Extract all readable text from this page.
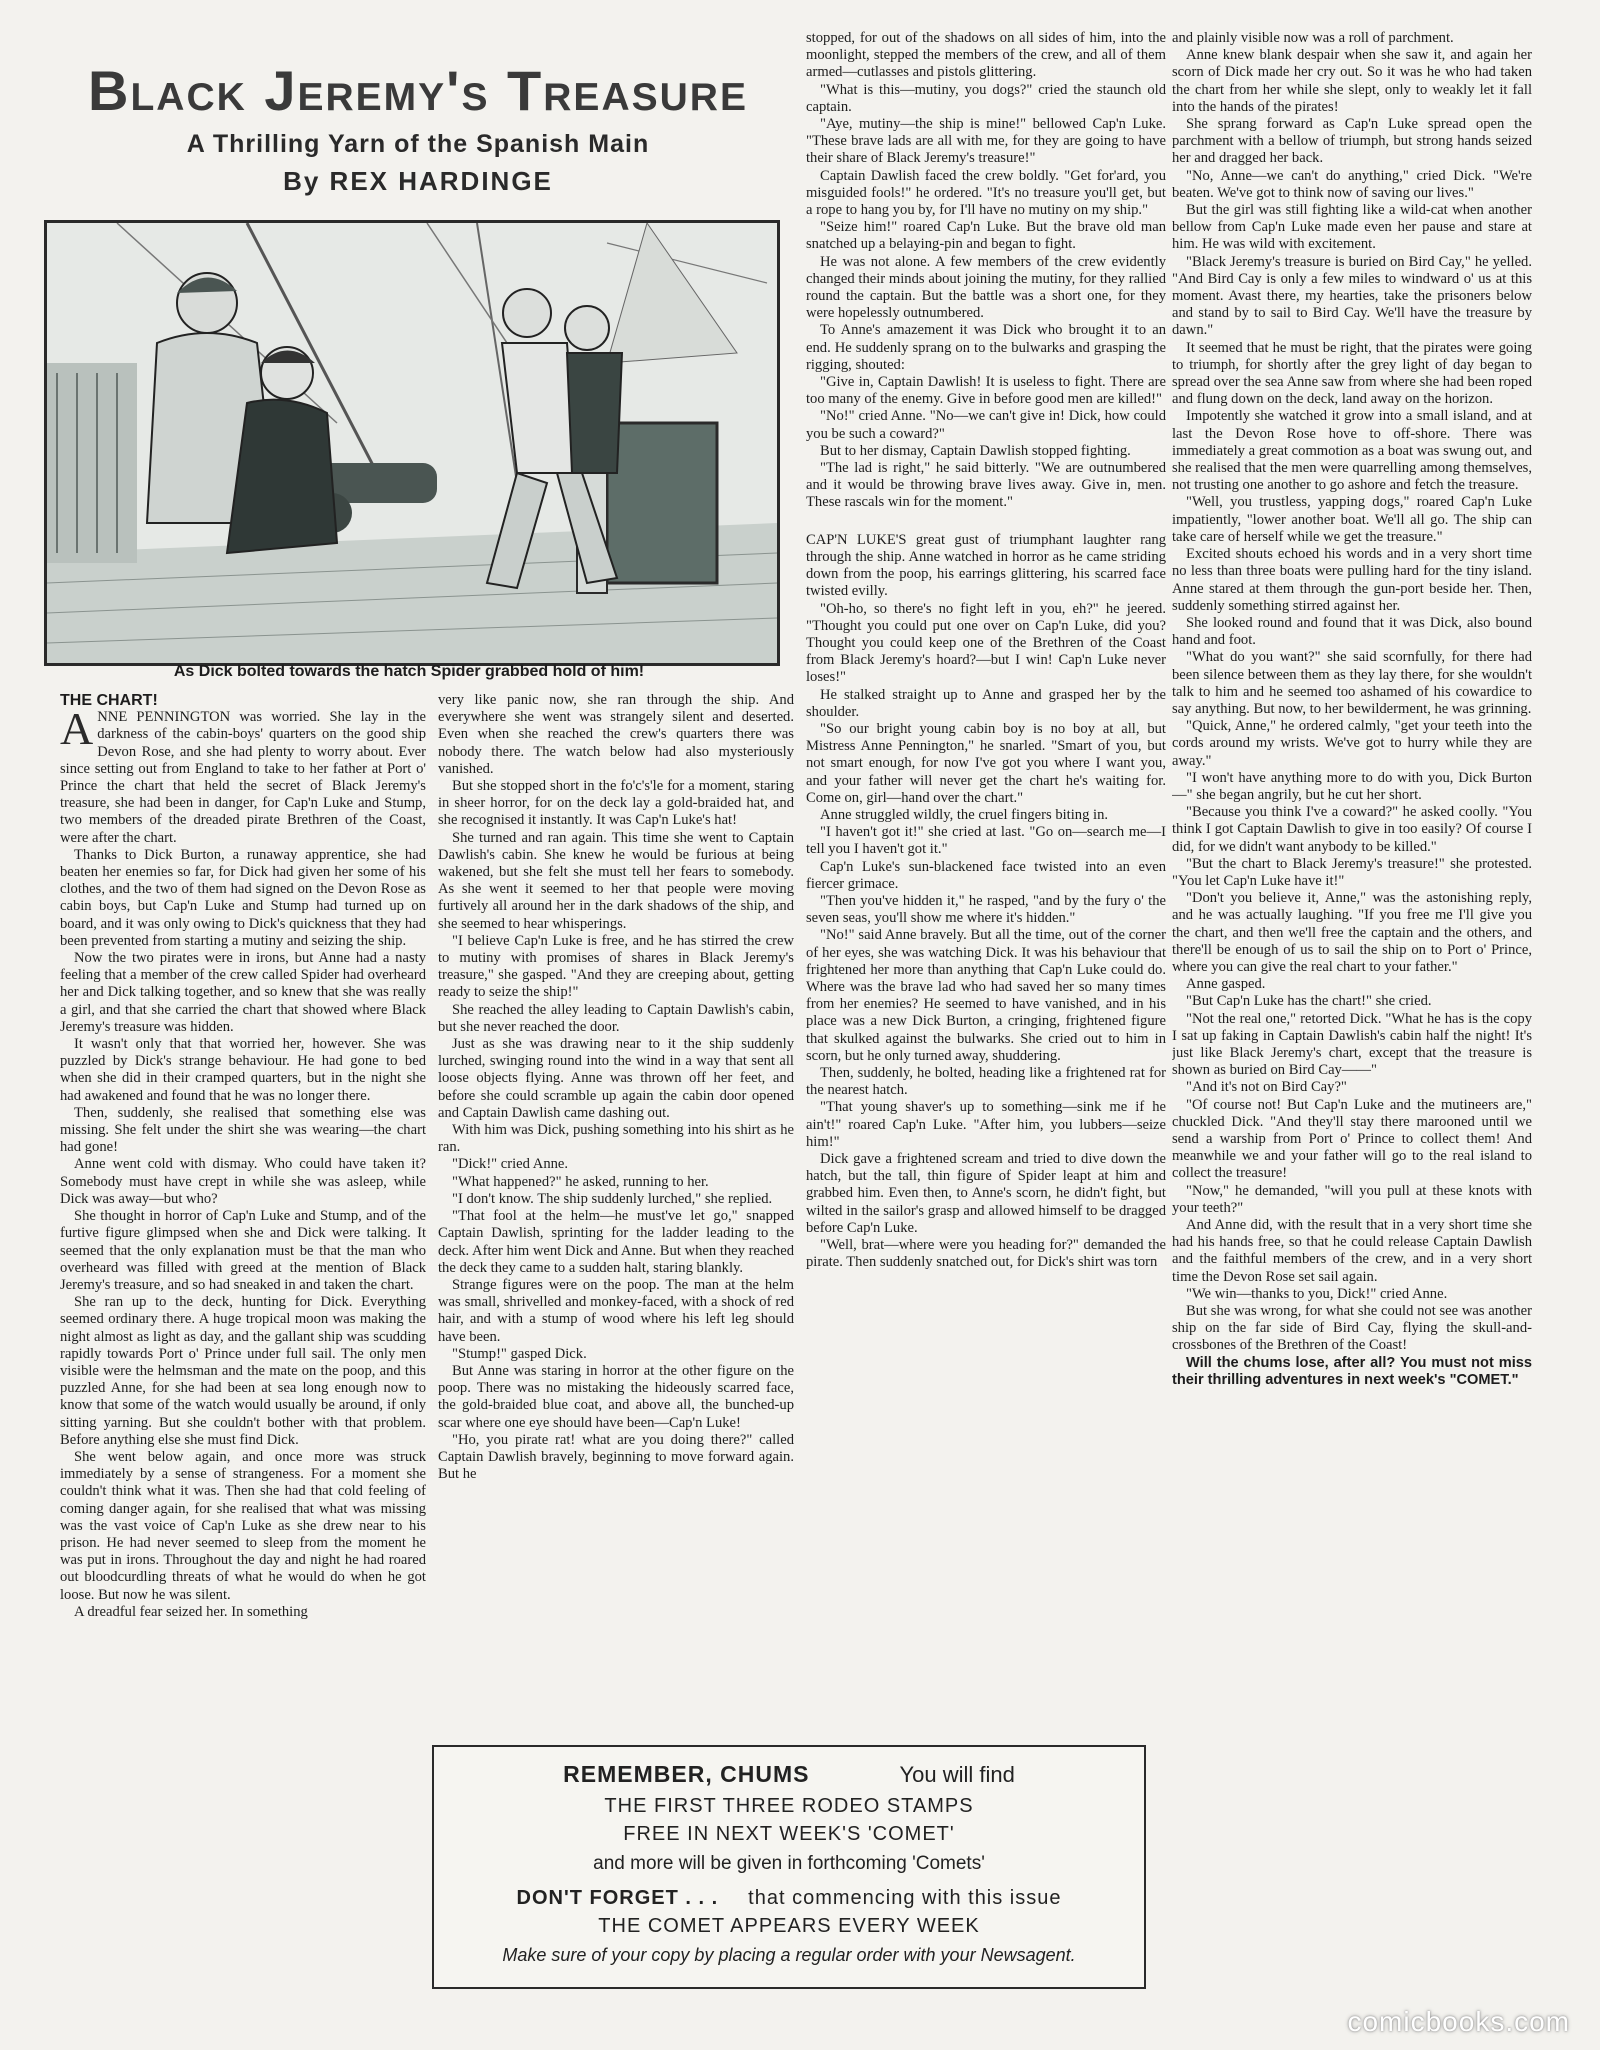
Black Jeremy's Treasure
A Thrilling Yarn of the Spanish Main
By REX HARDINGE
As Dick bolted towards the hatch Spider grabbed hold of him!

THE CHART!

ANNE PENNINGTON was worried. She lay in the darkness of the cabin-boys' quarters on the good ship Devon Rose, and she had plenty to worry about. Ever since setting out from England to take to her father at Port o' Prince the chart that held the secret of Black Jeremy's treasure, she had been in danger, for Cap'n Luke and Stump, two members of the dreaded pirate Brethren of the Coast, were after the chart.

Thanks to Dick Burton, a runaway apprentice, she had beaten her enemies so far, for Dick had given her some of his clothes, and the two of them had signed on the Devon Rose as cabin boys, but Cap'n Luke and Stump had turned up on board, and it was only owing to Dick's quickness that they had been prevented from starting a mutiny and seizing the ship.

Now the two pirates were in irons, but Anne had a nasty feeling that a member of the crew called Spider had overheard her and Dick talking together, and so knew that she was really a girl, and that she carried the chart that showed where Black Jeremy's treasure was hidden.

It wasn't only that that worried her, however. She was puzzled by Dick's strange behaviour. He had gone to bed when she did in their cramped quarters, but in the night she had awakened and found that he was no longer there.

Then, suddenly, she realised that something else was missing. She felt under the shirt she was wearing—the chart had gone!

Anne went cold with dismay. Who could have taken it? Somebody must have crept in while she was asleep, while Dick was away—but who?

She thought in horror of Cap'n Luke and Stump, and of the furtive figure glimpsed when she and Dick were talking. It seemed that the only explanation must be that the man who overheard was filled with greed at the mention of Black Jeremy's treasure, and so had sneaked in and taken the chart.

She ran up to the deck, hunting for Dick. Everything seemed ordinary there. A huge tropical moon was making the night almost as light as day, and the gallant ship was scudding rapidly towards Port o' Prince under full sail. The only men visible were the helmsman and the mate on the poop, and this puzzled Anne, for she had been at sea long enough now to know that some of the watch would usually be around, if only sitting yarning. But she couldn't bother with that problem. Before anything else she must find Dick.

She went below again, and once more was struck immediately by a sense of strangeness. For a moment she couldn't think what it was. Then she had that cold feeling of coming danger again, for she realised that what was missing was the vast voice of Cap'n Luke as she drew near to his prison. He had never seemed to sleep from the moment he was put in irons. Throughout the day and night he had roared out bloodcurdling threats of what he would do when he got loose. But now he was silent.

A dreadful fear seized her. In something

very like panic now, she ran through the ship. And everywhere she went was strangely silent and deserted. Even when she reached the crew's quarters there was nobody there. The watch below had also mysteriously vanished.

But she stopped short in the fo'c's'le for a moment, staring in sheer horror, for on the deck lay a gold-braided hat, and she recognised it instantly. It was Cap'n Luke's hat!

She turned and ran again. This time she went to Captain Dawlish's cabin. She knew he would be furious at being wakened, but she felt she must tell her fears to somebody. As she went it seemed to her that people were moving furtively all around her in the dark shadows of the ship, and she seemed to hear whisperings.

"I believe Cap'n Luke is free, and he has stirred the crew to mutiny with promises of shares in Black Jeremy's treasure," she gasped. "And they are creeping about, getting ready to seize the ship!"

She reached the alley leading to Captain Dawlish's cabin, but she never reached the door.

Just as she was drawing near to it the ship suddenly lurched, swinging round into the wind in a way that sent all loose objects flying. Anne was thrown off her feet, and before she could scramble up again the cabin door opened and Captain Dawlish came dashing out.

With him was Dick, pushing something into his shirt as he ran.

"Dick!" cried Anne.

"What happened?" he asked, running to her.

"I don't know. The ship suddenly lurched," she replied.

"That fool at the helm—he must've let go," snapped Captain Dawlish, sprinting for the ladder leading to the deck. After him went Dick and Anne. But when they reached the deck they came to a sudden halt, staring blankly.

Strange figures were on the poop. The man at the helm was small, shrivelled and monkey-faced, with a shock of red hair, and with a stump of wood where his left leg should have been.

"Stump!" gasped Dick.

But Anne was staring in horror at the other figure on the poop. There was no mistaking the hideously scarred face, the gold-braided blue coat, and above all, the bunched-up scar where one eye should have been—Cap'n Luke!

"Ho, you pirate rat! what are you doing there?" called Captain Dawlish bravely, beginning to move forward again. But he

stopped, for out of the shadows on all sides of him, into the moonlight, stepped the members of the crew, and all of them armed—cutlasses and pistols glittering.

"What is this—mutiny, you dogs?" cried the staunch old captain.

"Aye, mutiny—the ship is mine!" bellowed Cap'n Luke. "These brave lads are all with me, for they are going to have their share of Black Jeremy's treasure!"

Captain Dawlish faced the crew boldly. "Get for'ard, you misguided fools!" he ordered. "It's no treasure you'll get, but a rope to hang you by, for I'll have no mutiny on my ship."

"Seize him!" roared Cap'n Luke. But the brave old man snatched up a belaying-pin and began to fight.

He was not alone. A few members of the crew evidently changed their minds about joining the mutiny, for they rallied round the captain. But the battle was a short one, for they were hopelessly outnumbered.

To Anne's amazement it was Dick who brought it to an end. He suddenly sprang on to the bulwarks and grasping the rigging, shouted:

"Give in, Captain Dawlish! It is useless to fight. There are too many of the enemy. Give in before good men are killed!"

"No!" cried Anne. "No—we can't give in! Dick, how could you be such a coward?"

But to her dismay, Captain Dawlish stopped fighting.

"The lad is right," he said bitterly. "We are outnumbered and it would be throwing brave lives away. Give in, men. These rascals win for the moment."

CAP'N LUKE'S great gust of triumphant laughter rang through the ship. Anne watched in horror as he came striding down from the poop, his earrings glittering, his scarred face twisted evilly.

"Oh-ho, so there's no fight left in you, eh?" he jeered. "Thought you could put one over on Cap'n Luke, did you? Thought you could keep one of the Brethren of the Coast from Black Jeremy's hoard?—but I win! Cap'n Luke never loses!"

He stalked straight up to Anne and grasped her by the shoulder.

"So our bright young cabin boy is no boy at all, but Mistress Anne Pennington," he snarled. "Smart of you, but not smart enough, for now I've got you where I want you, and your father will never get the chart he's waiting for. Come on, girl—hand over the chart."

Anne struggled wildly, the cruel fingers biting in.

"I haven't got it!" she cried at last. "Go on—search me—I tell you I haven't got it."

Cap'n Luke's sun-blackened face twisted into an even fiercer grimace.

"Then you've hidden it," he rasped, "and by the fury o' the seven seas, you'll show me where it's hidden."

"No!" said Anne bravely. But all the time, out of the corner of her eyes, she was watching Dick. It was his behaviour that frightened her more than anything that Cap'n Luke could do. Where was the brave lad who had saved her so many times from her enemies? He seemed to have vanished, and in his place was a new Dick Burton, a cringing, frightened figure that skulked against the bulwarks. She cried out to him in scorn, but he only turned away, shuddering.

Then, suddenly, he bolted, heading like a frightened rat for the nearest hatch.

"That young shaver's up to something—sink me if he ain't!" roared Cap'n Luke. "After him, you lubbers—seize him!"

Dick gave a frightened scream and tried to dive down the hatch, but the tall, thin figure of Spider leapt at him and grabbed him. Even then, to Anne's scorn, he didn't fight, but wilted in the sailor's grasp and allowed himself to be dragged before Cap'n Luke.

"Well, brat—where were you heading for?" demanded the pirate. Then suddenly snatched out, for Dick's shirt was torn

and plainly visible now was a roll of parchment.

Anne knew blank despair when she saw it, and again her scorn of Dick made her cry out. So it was he who had taken the chart from her while she slept, only to weakly let it fall into the hands of the pirates!

She sprang forward as Cap'n Luke spread open the parchment with a bellow of triumph, but strong hands seized her and dragged her back.

"No, Anne—we can't do anything," cried Dick. "We're beaten. We've got to think now of saving our lives."

But the girl was still fighting like a wild-cat when another bellow from Cap'n Luke made even her pause and stare at him. He was wild with excitement.

"Black Jeremy's treasure is buried on Bird Cay," he yelled. "And Bird Cay is only a few miles to windward o' us at this moment. Avast there, my hearties, take the prisoners below and stand by to sail to Bird Cay. We'll have the treasure by dawn."

It seemed that he must be right, that the pirates were going to triumph, for shortly after the grey light of day began to spread over the sea Anne saw from where she had been roped and flung down on the deck, land away on the horizon.

Impotently she watched it grow into a small island, and at last the Devon Rose hove to off-shore. There was immediately a great commotion as a boat was swung out, and she realised that the men were quarrelling among themselves, not trusting one another to go ashore and fetch the treasure.

"Well, you trustless, yapping dogs," roared Cap'n Luke impatiently, "lower another boat. We'll all go. The ship can take care of herself while we get the treasure."

Excited shouts echoed his words and in a very short time no less than three boats were pulling hard for the tiny island. Anne stared at them through the gun-port beside her. Then, suddenly something stirred against her.

She looked round and found that it was Dick, also bound hand and foot.

"What do you want?" she said scornfully, for there had been silence between them as they lay there, for she wouldn't talk to him and he seemed too ashamed of his cowardice to say anything. But now, to her bewilderment, he was grinning.

"Quick, Anne," he ordered calmly, "get your teeth into the cords around my wrists. We've got to hurry while they are away."

"I won't have anything more to do with you, Dick Burton—" she began angrily, but he cut her short.

"Because you think I've a coward?" he asked coolly. "You think I got Captain Dawlish to give in too easily? Of course I did, for we didn't want anybody to be killed."

"But the chart to Black Jeremy's treasure!" she protested. "You let Cap'n Luke have it!"

"Don't you believe it, Anne," was the astonishing reply, and he was actually laughing. "If you free me I'll give you the chart, and then we'll free the captain and the others, and there'll be enough of us to sail the ship on to Port o' Prince, where you can give the real chart to your father."

Anne gasped.

"But Cap'n Luke has the chart!" she cried.

"Not the real one," retorted Dick. "What he has is the copy I sat up faking in Captain Dawlish's cabin half the night! It's just like Black Jeremy's chart, except that the treasure is shown as buried on Bird Cay——"

"And it's not on Bird Cay?"

"Of course not! But Cap'n Luke and the mutineers are," chuckled Dick. "And they'll stay there marooned until we send a warship from Port o' Prince to collect them! And meanwhile we and your father will go to the real island to collect the treasure!

"Now," he demanded, "will you pull at these knots with your teeth?"

And Anne did, with the result that in a very short time she had his hands free, so that he could release Captain Dawlish and the faithful members of the crew, and in a very short time the Devon Rose set sail again.

"We win—thanks to you, Dick!" cried Anne.

But she was wrong, for what she could not see was another ship on the far side of Bird Cay, flying the skull-and-crossbones of the Brethren of the Coast!

Will the chums lose, after all? You must not miss their thrilling adventures in next week's "COMET."

REMEMBER, CHUMS	You will find
THE FIRST THREE RODEO STAMPS
FREE IN NEXT WEEK'S 'COMET'
and more will be given in forthcoming 'Comets'
DON'T FORGET . . . that commencing with this issue
THE COMET APPEARS EVERY WEEK
Make sure of your copy by placing a regular order with your Newsagent.
comicbooks.com
